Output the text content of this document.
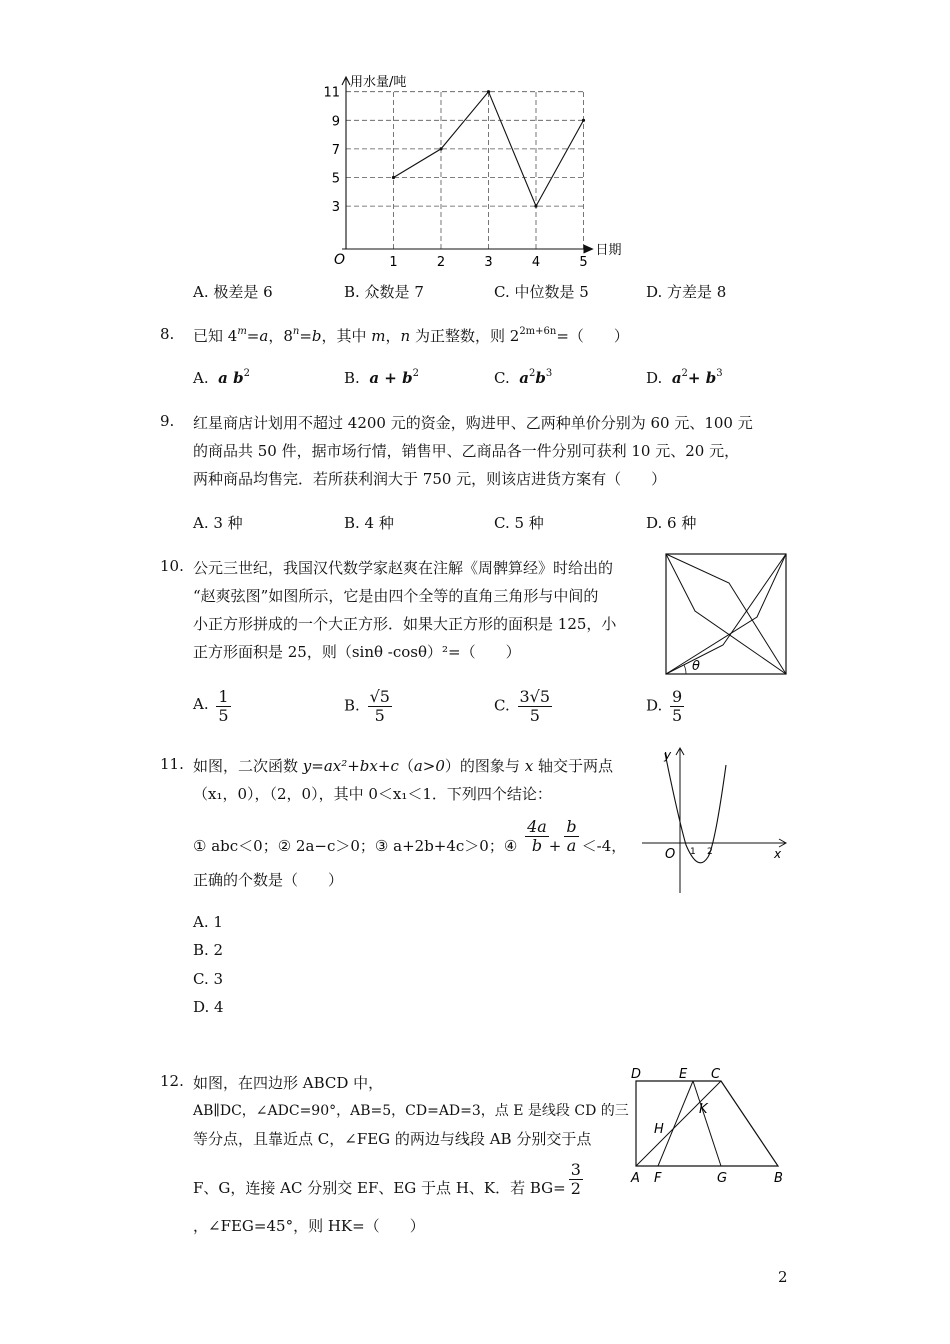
3
5
7
9
11
1	2	3	4	5
O
用水量/吨
日期
A. 极差是 6	B. 众数是 7	C. 中位数是 5	D. 方差是 8
8. 已知 $4^m=a$，$8^n=b$，其中 m，n 为正整数，则 $2^{2m+6n}=$（　　）
A. a $b^2$	B. $a + b^2$	C. $a^2b^3$	D. $a^2+ b^3$
9. 红星商店计划用不超过 4200 元的资金，购进甲、乙两种单价分别为 60 元、100 元
的商品共 50 件，据市场行情，销售甲、乙商品各一件分别可获利 10 元、20 元，
两种商品均售完．若所获利润大于 750 元，则该店进货方案有（　　）
A. 3 种	B. 4 种	C. 5 种	D. 6 种
10. 公元三世纪，我国汉代数学家赵爽在注解《周髀算经》时给出的
“赵爽弦图”如图所示，它是由四个全等的直角三角形与中间的
小正方形拼成的一个大正方形．如果大正方形的面积是 125，小
正方形面积是 25，则（sinθ -cosθ）²=（　　）
θ
A. $\frac{1}{5}$	B. $\frac{√5}{5}$	C. $\frac{3√5}{5}$	D. $\frac{9}{5}$
11. 如图，二次函数 y=ax²+bx+c（a>0）的图象与 x 轴交于两点
（x₁，0），（2，0），其中 0＜x₁＜1．下列四个结论：
① abc＜0；② 2a−c＞0；③ a+2b+4c＞0；④ $\frac{4a}{b} + \frac{b}{a} <-4$，
正确的个数是（　　）
y
x
O 1 2
A. 1
B. 2
C. 3
D. 4
12. 如图，在四边形 ABCD 中，
AB∥DC，∠ADC=90°，AB=5，CD=AD=3，点 E 是线段 CD 的三
等分点，且靠近点 C，∠FEG 的两边与线段 AB 分别交于点
F、G，连接 AC 分别交 EF、EG 于点 H、K．若 $BG= \frac{3}{2}$
，∠FEG=45°，则 HK=（　　）
D	E C
A F	G	B
H
K
2
